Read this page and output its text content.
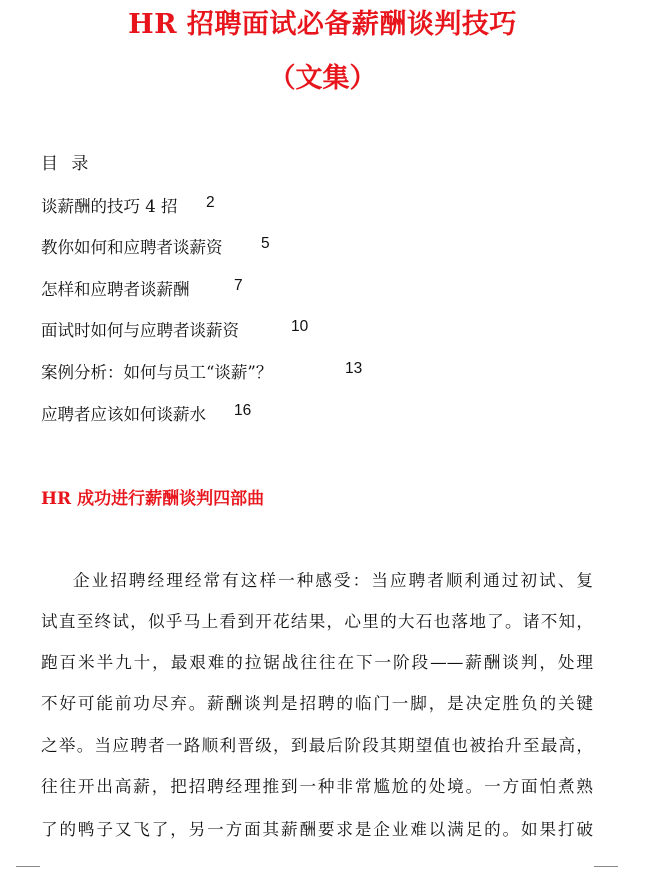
HR 招聘面试必备薪酬谈判技巧
（文集）
目 录
谈薪酬的技巧 4 招 2
教你如何和应聘者谈薪资 5
怎样和应聘者谈薪酬	7
面试时如何与应聘者谈薪资	10
案例分析：如何与员工“谈薪”？	13
应聘者应该如何谈薪水 16
HR 成功进行薪酬谈判四部曲
企业招聘经理经常有这样一种感受：当应聘者顺利通过初试、复
试直至终试，似乎马上看到开花结果，心里的大石也落地了。诸不知，
跑百米半九十，最艰难的拉锯战往往在下一阶段——薪酬谈判，处理
不好可能前功尽弃。薪酬谈判是招聘的临门一脚，是决定胜负的关键
之举。当应聘者一路顺利晋级，到最后阶段其期望值也被抬升至最高，
往往开出高薪，把招聘经理推到一种非常尴尬的处境。一方面怕煮熟
了的鸭子又飞了，另一方面其薪酬要求是企业难以满足的。如果打破
